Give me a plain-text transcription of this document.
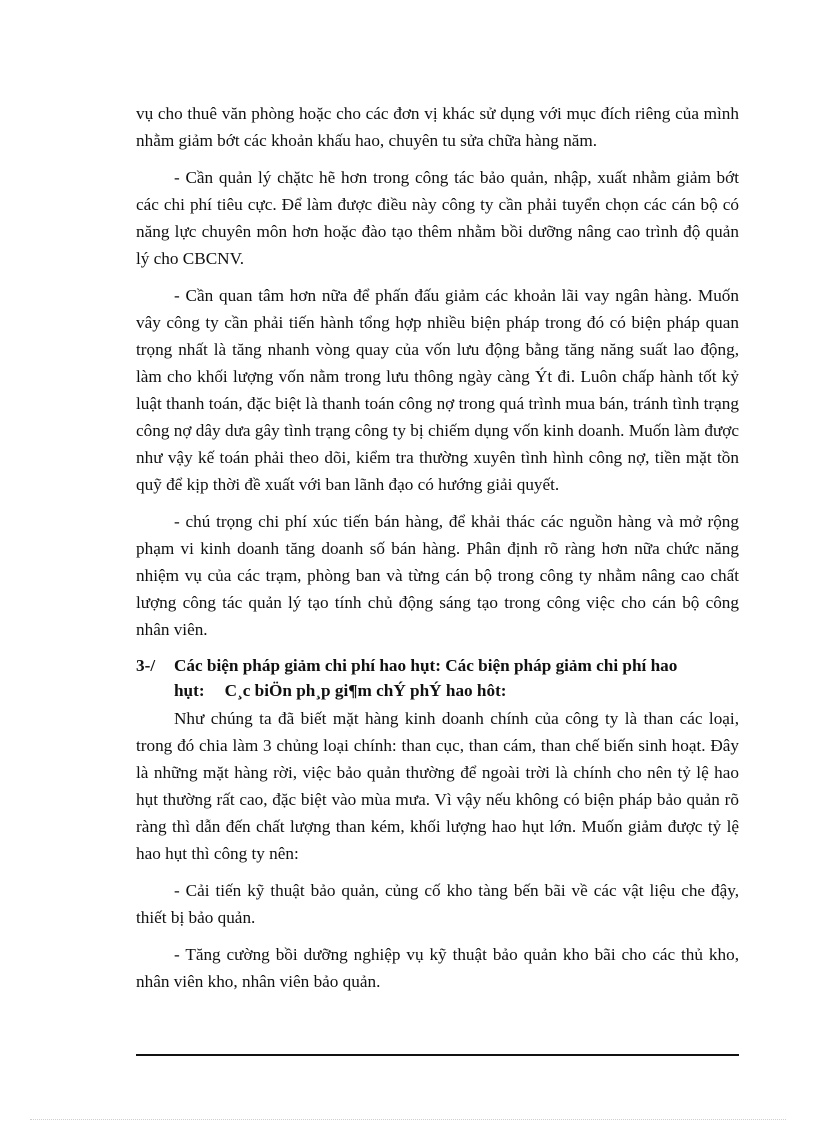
vụ cho thuê văn phòng hoặc cho các đơn vị khác sử dụng với mục đích riêng của mình nhằm giảm bớt các khoản khấu hao, chuyên tu sửa chữa hàng năm.

- Cần quản lý chặtc hẽ hơn trong công tác bảo quản, nhập, xuất nhằm giảm bớt các chi phí tiêu cực. Để làm được điều này công ty cần phải tuyển chọn các cán bộ có năng lực chuyên môn hơn hoặc đào tạo thêm nhằm bồi dưỡng nâng cao trình độ quản lý cho CBCNV.

- Cần quan tâm hơn nữa để phấn đấu giảm các khoản lãi vay ngân hàng. Muốn vây công ty cần phải tiến hành tổng hợp nhiều biện pháp trong đó có biện pháp quan trọng nhất là tăng nhanh vòng quay của vốn lưu động bằng tăng năng suất lao động, làm cho khối lượng vốn nằm trong lưu thông ngày càng Ýt đi. Luôn chấp hành tốt kỷ luật thanh toán, đặc biệt là thanh toán công nợ trong quá trình mua bán, tránh tình trạng công nợ dây dưa gây tình trạng công ty bị chiếm dụng vốn kinh doanh. Muốn làm được như vậy kế toán phải theo dõi, kiểm tra thường xuyên tình hình công nợ, tiền mặt tồn quỹ để kịp thời đề xuất với ban lãnh đạo có hướng giải quyết.

- chú trọng chi phí xúc tiến bán hàng, để khải thác các nguồn hàng và mở rộng phạm vi kinh doanh tăng doanh số bán hàng. Phân định rõ ràng hơn nữa chức năng nhiệm vụ của các trạm, phòng ban và từng cán bộ trong công ty nhằm nâng cao chất lượng công tác quản lý tạo tính chủ động sáng tạo trong công việc cho cán bộ công nhân viên.

3-/ Các biện pháp giảm chi phí hao hụt: Các biện pháp giảm chi phí hao hụt: C¸c biÖn ph¸p gi¶m chÝ phÝ hao hôt:

Như chúng ta đã biết mặt hàng kinh doanh chính của công ty là than các loại, trong đó chia làm 3 chủng loại chính: than cục, than cám, than chế biến sinh hoạt. Đây là những mặt hàng rời, việc bảo quản thường để ngoài trời là chính cho nên tỷ lệ hao hụt thường rất cao, đặc biệt vào mùa mưa. Vì vậy nếu không có biện pháp bảo quản rõ ràng thì dẫn đến chất lượng than kém, khối lượng hao hụt lớn. Muốn giảm được tỷ lệ hao hụt thì công ty nên:

- Cải tiến kỹ thuật bảo quản, củng cố kho tàng bến bãi về các vật liệu che đậy, thiết bị bảo quản.

- Tăng cường bồi dưỡng nghiệp vụ kỹ thuật bảo quản kho bãi cho các thủ kho, nhân viên kho, nhân viên bảo quản.
